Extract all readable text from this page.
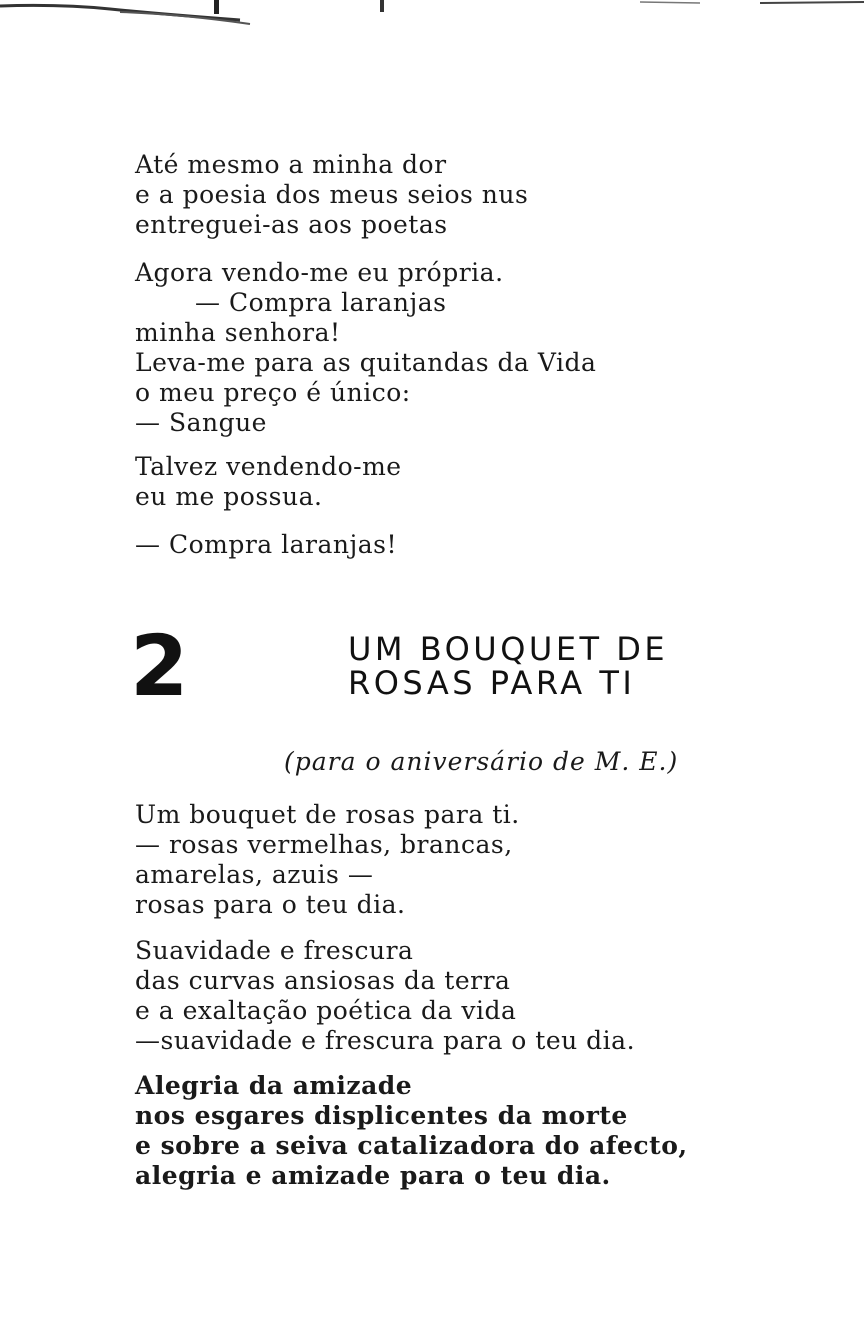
Até mesmo a minha dor
e a poesia dos meus seios nus
entreguei-as aos poetas
Agora vendo-me eu própria.
— Compra laranjas
minha senhora!
Leva-me para as quitandas da Vida
o meu preço é único:
— Sangue
Talvez vendendo-me
eu me possua.
— Compra laranjas!
2	UM BOUQUET DE
ROSAS PARA TI
(para o aniversário de M. E.)
Um bouquet de rosas para ti.
— rosas vermelhas, brancas,
amarelas, azuis —
rosas para o teu dia.
Suavidade e frescura
das curvas ansiosas da terra
e a exaltação poética da vida
—suavidade e frescura para o teu dia.
Alegria da amizade
nos esgares displicentes da morte
e sobre a seiva catalizadora do afecto,
alegria e amizade para o teu dia.
